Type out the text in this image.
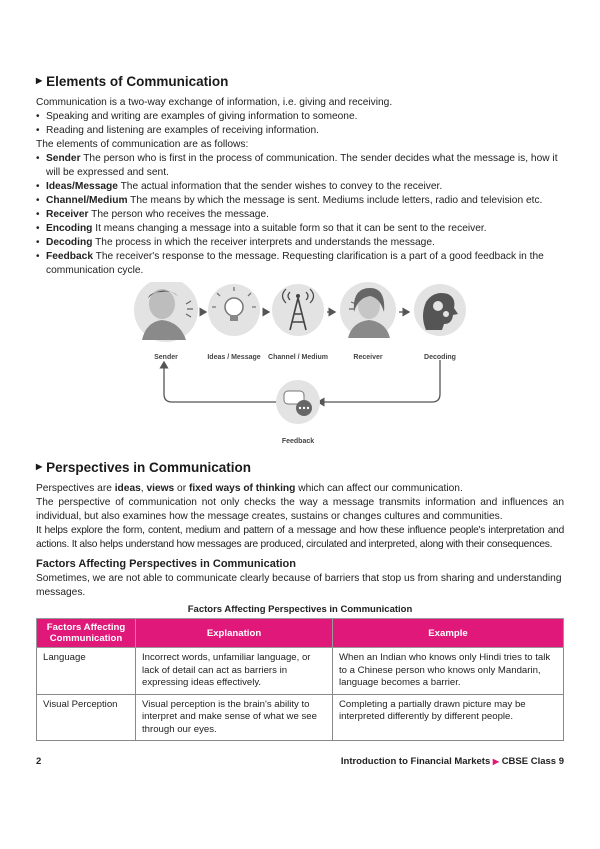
▶ Elements of Communication

Communication is a two-way exchange of information, i.e. giving and receiving.

• Speaking and writing are examples of giving information to someone.
• Reading and listening are examples of receiving information.

The elements of communication are as follows:

• Sender The person who is first in the process of communication. The sender decides what the message is, how it will be expressed and sent.
• Ideas/Message The actual information that the sender wishes to convey to the receiver.
• Channel/Medium The means by which the message is sent. Mediums include letters, radio and television etc.
• Receiver The person who receives the message.
• Encoding It means changing a message into a suitable form so that it can be sent to the receiver.
• Decoding The process in which the receiver interprets and understands the message.
• Feedback The receiver's response to the message. Requesting clarification is a part of a good feedback in the communication cycle.
Sender	Ideas / Message	Channel / Medium	Receiver	Decoding
Feedback
▶ Perspectives in Communication

Perspectives are ideas, views or fixed ways of thinking which can affect our communication.

The perspective of communication not only checks the way a message transmits information and influences an individual, but also examines how the message creates, sustains or changes cultures and communities.

It helps explore the form, content, medium and pattern of a message and how these influence people's interpretation and actions. It also helps understand how messages are produced, circulated and interpreted, along with their consequences.

Factors Affecting Perspectives in Communication

Sometimes, we are not able to communicate clearly because of barriers that stop us from sharing and understanding messages.

Factors Affecting Perspectives in Communication
Factors Affecting Communication	Explanation	Example
Language	Incorrect words, unfamiliar language, or lack of detail can act as barriers in expressing ideas effectively.	When an Indian who knows only Hindi tries to talk to a Chinese person who knows only Mandarin, language becomes a barrier.
Visual Perception	Visual perception is the brain's ability to interpret and make sense of what we see through our eyes.	Completing a partially drawn picture may be interpreted differently by different people.
2	Introduction to Financial Markets ▶ CBSE Class 9
